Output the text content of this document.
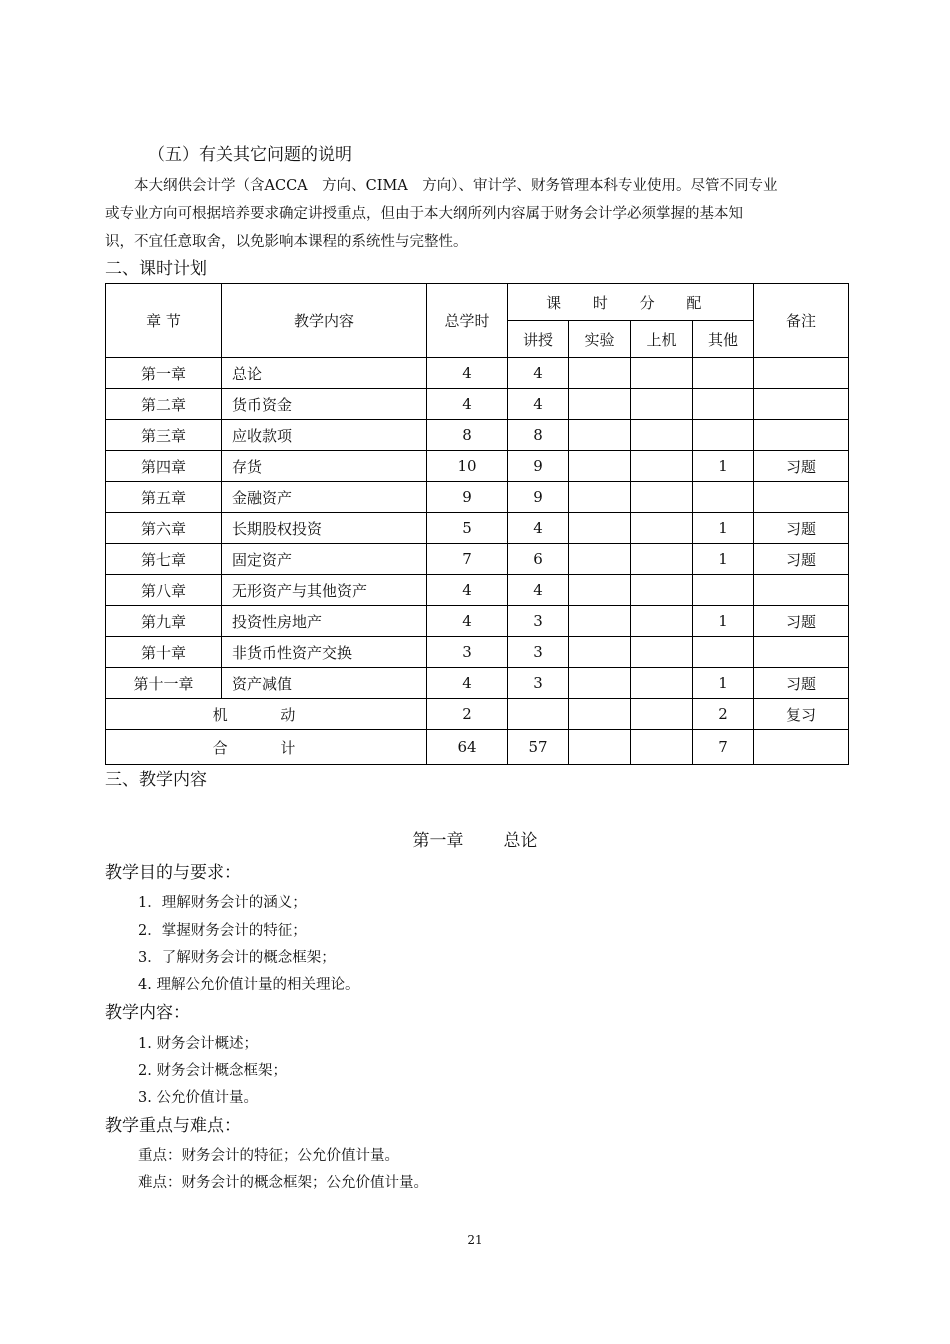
（五）有关其它问题的说明

本大纲供会计学（含ACCA　方向、CIMA　方向）、审计学、财务管理本科专业使用。尽管不同专业

或专业方向可根据培养要求确定讲授重点，但由于本大纲所列内容属于财务会计学必须掌握的基本知

识，不宜任意取舍，以免影响本课程的系统性与完整性。

二、课时计划
章 节	教学内容	总学时	课 时 分 配				备注
			讲授	实验	上机	其他	
第一章	总论	4	4				
第二章	货币资金	4	4				
第三章	应收款项	8	8				
第四章	存货	10	9			1	习题
第五章	金融资产	9	9				
第六章	长期股权投资	5	4			1	习题
第七章	固定资产	7	6			1	习题
第八章	无形资产与其他资产	4	4				
第九章	投资性房地产	4	3			1	习题
第十章	非货币性资产交换	3	3				
第十一章	资产减值	4	3			1	习题
机 动		2				2	复习
合 计		64	57			7	
三、教学内容
第一章 总论
教学目的与要求：
1．理解财务会计的涵义；
2．掌握财务会计的特征；
3．了解财务会计的概念框架；
4. 理解公允价值计量的相关理论。
教学内容：
1. 财务会计概述；
2. 财务会计概念框架；
3. 公允价值计量。
教学重点与难点：
重点：财务会计的特征；公允价值计量。
难点：财务会计的概念框架；公允价值计量。
21
